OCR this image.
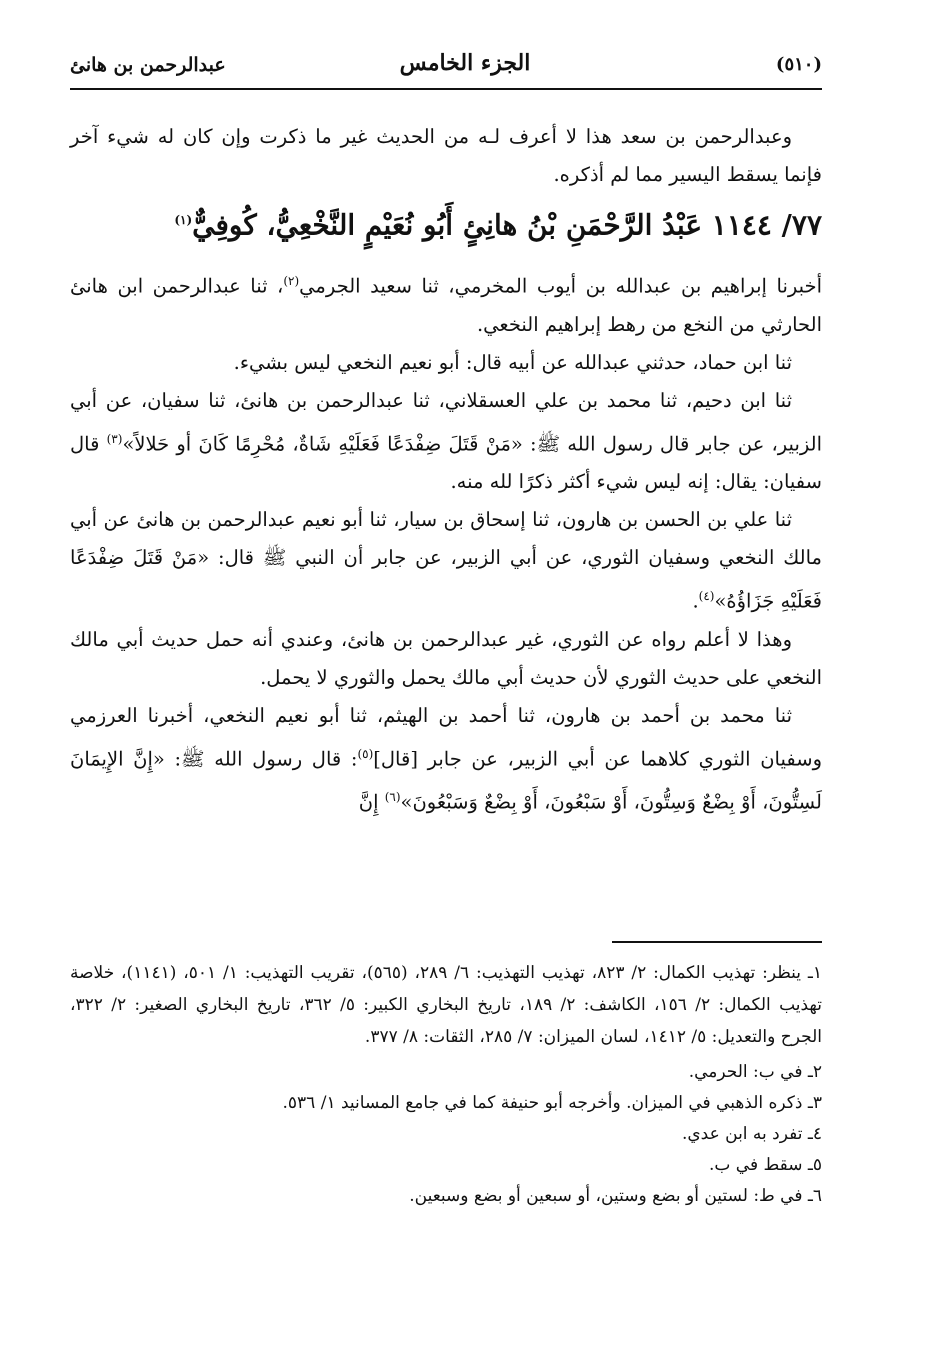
عبدالرحمن بن هانئ	الجزء الخامس	(٥١٠)

وعبدالرحمن بن سعد هذا لا أعرف لـه من الحديث غير ما ذكرت وإن كان له شيء آخر فإنما يسقط اليسير مما لم أذكره.

٧٧/ ١١٤٤ عَبْدُ الرَّحْمَنِ بْنُ هانِئٍ أَبُو نُعَيْمٍ النَّخْعِيُّ، كُوفِيٌّ$^{(١)}$

أخبرنا إبراهيم بن عبدالله بن أيوب المخرمي، ثنا سعيد الجرمي$^{(٢)}$، ثنا عبدالرحمن ابن هانئ الحارثي من النخع من رهط إبراهيم النخعي.

ثنا ابن حماد، حدثني عبدالله عن أبيه قال: أبو نعيم النخعي ليس بشيء.

ثنا ابن دحيم، ثنا محمد بن علي العسقلاني، ثنا عبدالرحمن بن هانئ، ثنا سفيان، عن أبي الزبير، عن جابر قال رسول الله ﷺ: «مَنْ قَتَلَ ضِفْدَعًا فَعَلَيْهِ شَاةٌ، مُحْرِمًا كَانَ أو حَلالاً»$^{(٣)}$ قال سفيان: يقال: إنه ليس شيء أكثر ذكرًا لله منه.

ثنا علي بن الحسن بن هارون، ثنا إسحاق بن سيار، ثنا أبو نعيم عبدالرحمن بن هانئ عن أبي مالك النخعي وسفيان الثوري، عن أبي الزبير، عن جابر أن النبي ﷺ قال: «مَنْ قَتَلَ ضِفْدَعًا فَعَلَيْهِ جَزَاؤُهُ»$^{(٤)}$.

وهذا لا أعلم رواه عن الثوري، غير عبدالرحمن بن هانئ، وعندي أنه حمل حديث أبي مالك النخعي على حديث الثوري لأن حديث أبي مالك يحمل والثوري لا يحمل.

ثنا محمد بن أحمد بن هارون، ثنا أحمد بن الهيثم، ثنا أبو نعيم النخعي، أخبرنا العرزمي وسفيان الثوري كلاهما عن أبي الزبير، عن جابر [قال]$^{(٥)}$: قال رسول الله ﷺ: «إِنَّ الإِيمَانَ لَسِتُّونَ، أَوْ بِضْعٌ وَسِتُّونَ، أَوْ سَبْعُونَ، أَوْ بِضْعٌ وَسَبْعُونَ»$^{(٦)}$ إِنَّ

١ـ ينظر: تهذيب الكمال: ٢/ ٨٢٣، تهذيب التهذيب: ٦/ ٢٨٩، (٥٦٥)، تقريب التهذيب: ١/ ٥٠١، (١١٤١)، خلاصة تهذيب الكمال: ٢/ ١٥٦، الكاشف: ٢/ ١٨٩، تاريخ البخاري الكبير: ٥/ ٣٦٢، تاريخ البخاري الصغير: ٢/ ٣٢٢، الجرح والتعديل: ٥/ ١٤١٢، لسان الميزان: ٧/ ٢٨٥، الثقات: ٨/ ٣٧٧.

٢ـ في ب: الحرمي.

٣ـ ذكره الذهبي في الميزان. وأخرجه أبو حنيفة كما في جامع المسانيد ١/ ٥٣٦.

٤ـ تفرد به ابن عدي.

٥ـ سقط في ب.

٦ـ في ط: لستين أو بضع وستين، أو سبعين أو بضع وسبعين.
